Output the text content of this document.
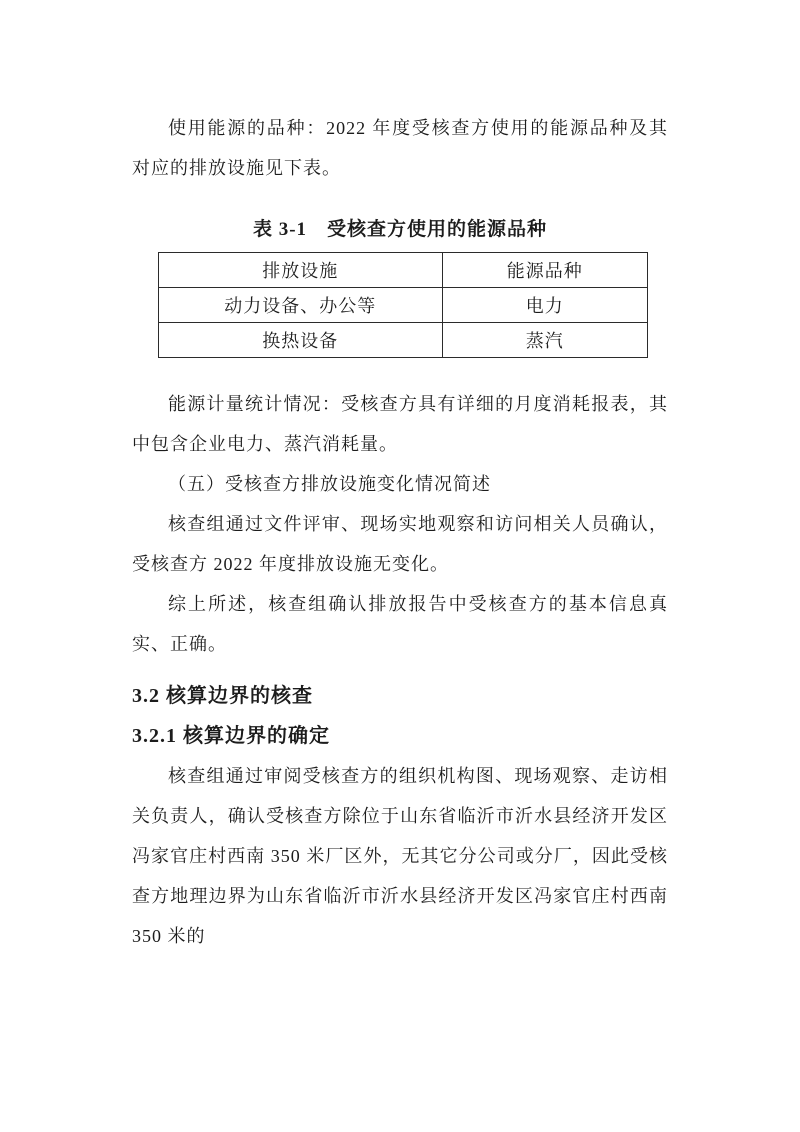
使用能源的品种：2022 年度受核查方使用的能源品种及其对应的排放设施见下表。

表 3-1　受核查方使用的能源品种
排放设施	能源品种
动力设备、办公等	电力
换热设备	蒸汽

能源计量统计情况：受核查方具有详细的月度消耗报表，其中包含企业电力、蒸汽消耗量。

（五）受核查方排放设施变化情况简述

核查组通过文件评审、现场实地观察和访问相关人员确认，受核查方 2022 年度排放设施无变化。

综上所述，核查组确认排放报告中受核查方的基本信息真实、正确。

3.2 核算边界的核查
3.2.1 核算边界的确定

核查组通过审阅受核查方的组织机构图、现场观察、走访相关负责人，确认受核查方除位于山东省临沂市沂水县经济开发区冯家官庄村西南 350 米厂区外，无其它分公司或分厂，因此受核查方地理边界为山东省临沂市沂水县经济开发区冯家官庄村西南 350 米的
